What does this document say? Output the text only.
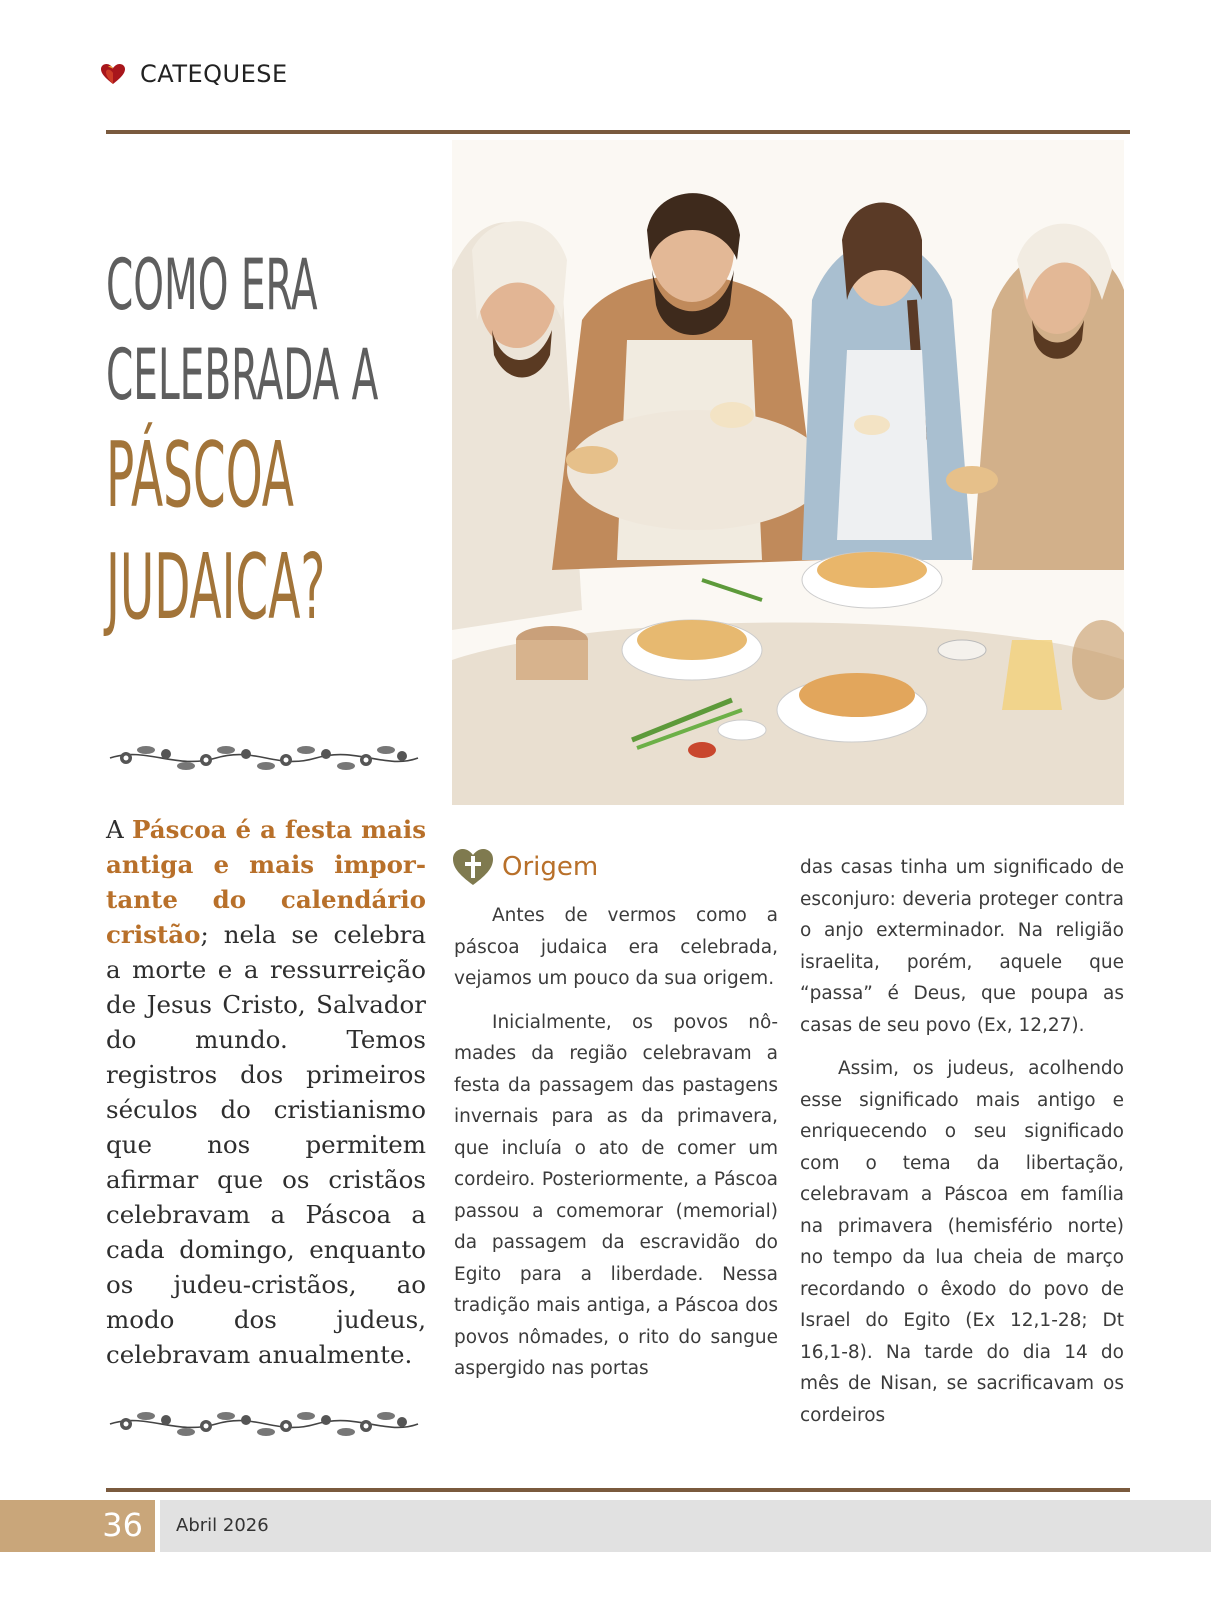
CATEQUESE
COMO ERA
CELEBRADA A
PÁSCOA
JUDAICA?

A Páscoa é a festa mais antiga e mais importante do calendário cristão; nela se celebra a morte e a ressurreição de Jesus Cristo, Salvador do mundo. Temos registros dos primeiros séculos do cristianismo que nos permitem afirmar que os cristãos celebravam a Páscoa a cada domingo, enquanto os judeu-cristãos, ao modo dos judeus, celebravam anualmente.

Origem

Antes de vermos como a páscoa judaica era celebrada, vejamos um pouco da sua origem.

Inicialmente, os povos nômades da região celebravam a festa da passagem das pastagens invernais para as da primavera, que incluía o ato de comer um cordeiro. Posteriormente, a Páscoa passou a comemorar (memorial) da passagem da escravidão do Egito para a liberdade. Nessa tradição mais antiga, a Páscoa dos povos nômades, o rito do sangue aspergido nas portas

das casas tinha um significado de esconjuro: deveria proteger contra o anjo exterminador. Na religião israelita, porém, aquele que “passa” é Deus, que poupa as casas de seu povo (Ex, 12,27).

Assim, os judeus, acolhendo esse significado mais antigo e enriquecendo o seu significado com o tema da libertação, celebravam a Páscoa em família na primavera (hemisfério norte) no tempo da lua cheia de março recordando o êxodo do povo de Israel do Egito (Ex 12,1-28; Dt 16,1-8). Na tarde do dia 14 do mês de Nisan, se sacrificavam os cordeiros

36 Abril 2026
